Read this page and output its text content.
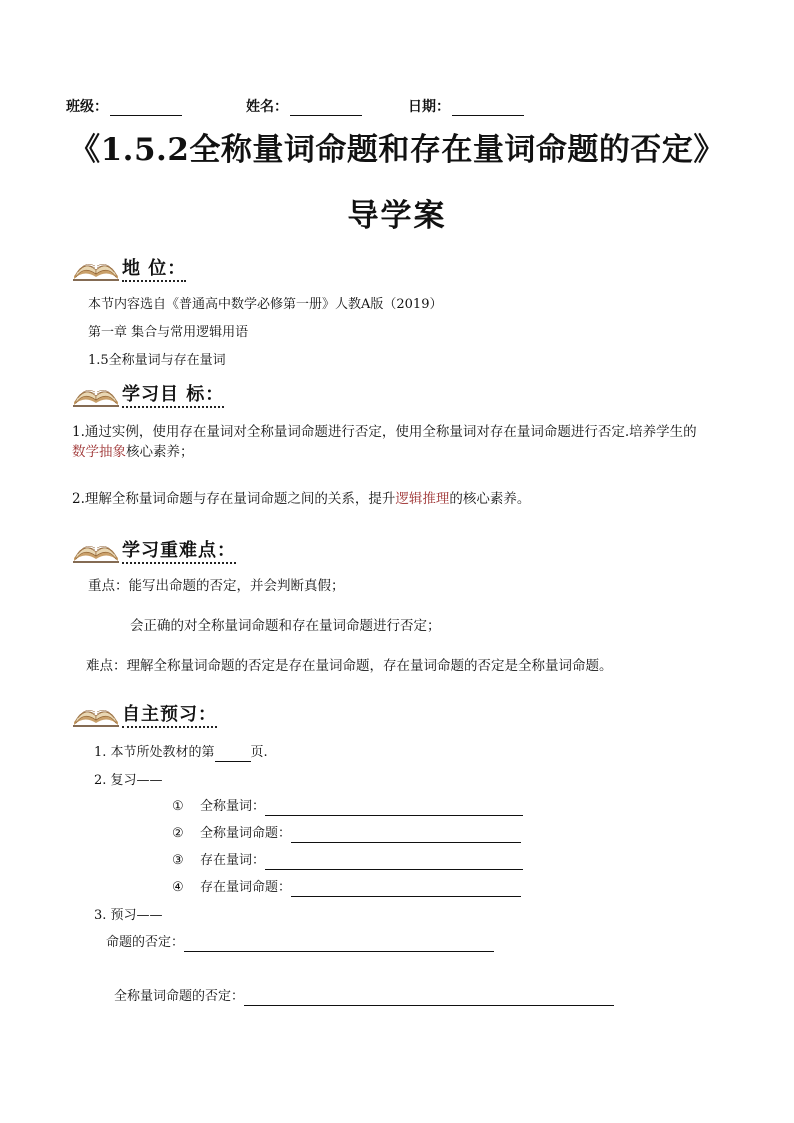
班级：	姓名：	日期：
《1.5.2全称量词命题和存在量词命题的否定》
导学案
地 位：
本节内容选自《普通高中数学必修第一册》人教A版（2019）
第一章 集合与常用逻辑用语
1.5全称量词与存在量词
学习目 标：
1.通过实例，使用存在量词对全称量词命题进行否定，使用全称量词对存在量词命题进行否定.培养学生的
数学抽象核心素养；
2.理解全称量词命题与存在量词命题之间的关系，提升逻辑推理的核心素养。
学习重难点：
重点：能写出命题的否定，并会判断真假；
会正确的对全称量词命题和存在量词命题进行否定；
难点：理解全称量词命题的否定是存在量词命题，存在量词命题的否定是全称量词命题。
自主预习：
1. 本节所处教材的第	页.
2. 复习——
① 全称量词：
② 全称量词命题：
③ 存在量词：
④ 存在量词命题：
3. 预习——
命题的否定：
全称量词命题的否定：
